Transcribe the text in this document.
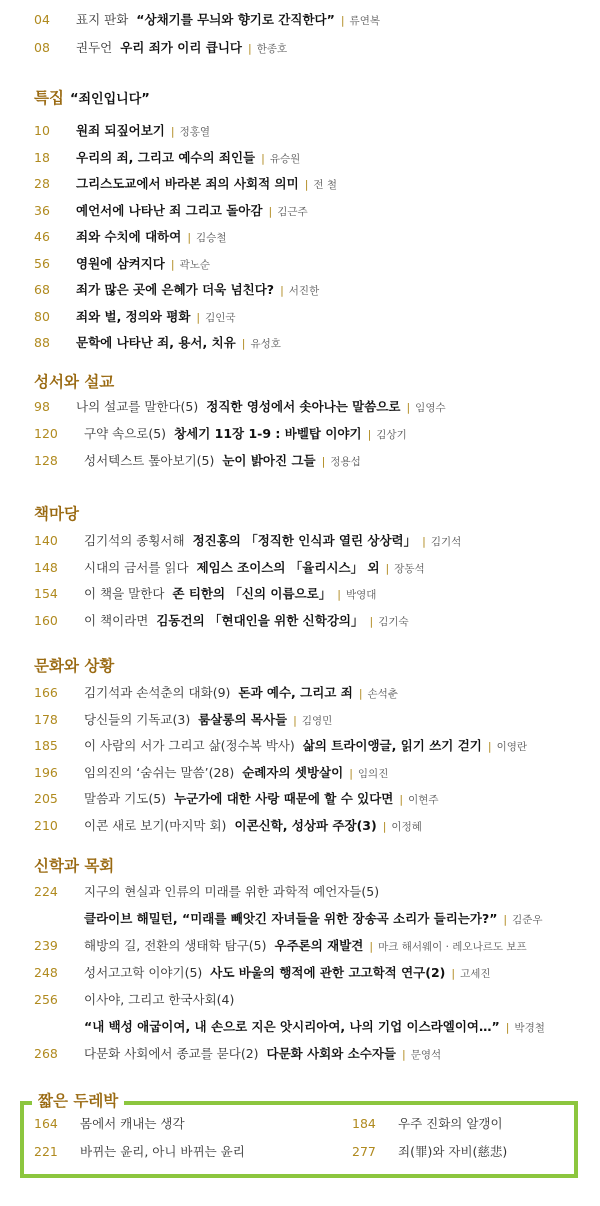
04	표지 판화 “상채기를 무늬와 향기로 간직한다” | 류연복
08	권두언 우리 죄가 이리 큽니다 | 한종호
특집 “죄인입니다”
10	원죄 되짚어보기 | 정홍열
18	우리의 죄, 그리고 예수의 죄인들 | 유승원
28	그리스도교에서 바라본 죄의 사회적 의미 | 전 철
36	예언서에 나타난 죄 그리고 돌아감 | 김근주
46	죄와 수치에 대하여 | 김승철
56	영원에 삼켜지다 | 곽노순
68	죄가 많은 곳에 은혜가 더욱 넘친다? | 서진한
80	죄와 벌, 정의와 평화 | 김인국
88	문학에 나타난 죄, 용서, 치유 | 유성호
성서와 설교
98	나의 설교를 말한다(5) 정직한 영성에서 솟아나는 말씀으로 | 임영수
120	구약 속으로(5) 창세기 11장 1-9 : 바벨탑 이야기 | 김상기
128	성서텍스트 톺아보기(5) 눈이 밝아진 그들 | 정용섭
책마당
140	김기석의 종횡서해 정진홍의 「정직한 인식과 열린 상상력」 | 김기석
148	시대의 금서를 읽다 제임스 조이스의 「율리시스」 외 | 장동석
154	이 책을 말한다 존 티한의 「신의 이름으로」 | 박영대
160	이 책이라면 김동건의 「현대인을 위한 신학강의」 | 김기숙
문화와 상황
166	김기석과 손석춘의 대화(9) 돈과 예수, 그리고 죄 | 손석춘
178	당신들의 기독교(3) 룸살롱의 목사들 | 김영민
185	이 사람의 서가 그리고 삶(정수복 박사) 삶의 트라이앵글, 읽기 쓰기 걷기 | 이영란
196	임의진의 ‘숨쉬는 말씀’(28) 순례자의 셋방살이 | 임의진
205	말씀과 기도(5) 누군가에 대한 사랑 때문에 할 수 있다면 | 이현주
210	이콘 새로 보기(마지막 회) 이콘신학, 성상파 주장(3) | 이정혜
신학과 목회
224	지구의 현실과 인류의 미래를 위한 과학적 예언자들(5)
클라이브 해밀턴, “미래를 빼앗긴 자녀들을 위한 장송곡 소리가 들리는가?” | 김준우
239	해방의 길, 전환의 생태학 탐구(5) 우주론의 재발견 | 마크 해서웨이 · 레오나르도 보프
248	성서고고학 이야기(5) 사도 바울의 행적에 관한 고고학적 연구(2) | 고세진
256	이사야, 그리고 한국사회(4)
“내 백성 애굽이여, 내 손으로 지은 앗시리아여, 나의 기업 이스라엘이여…” | 박경철
268	다문화 사회에서 종교를 묻다(2) 다문화 사회와 소수자들 | 문영석
짧은 두레박
164	몸에서 캐내는 생각	184	우주 진화의 알갱이
221	바뀌는 윤리, 아니 바뀌는 윤리	277	죄(罪)와 자비(慈悲)
